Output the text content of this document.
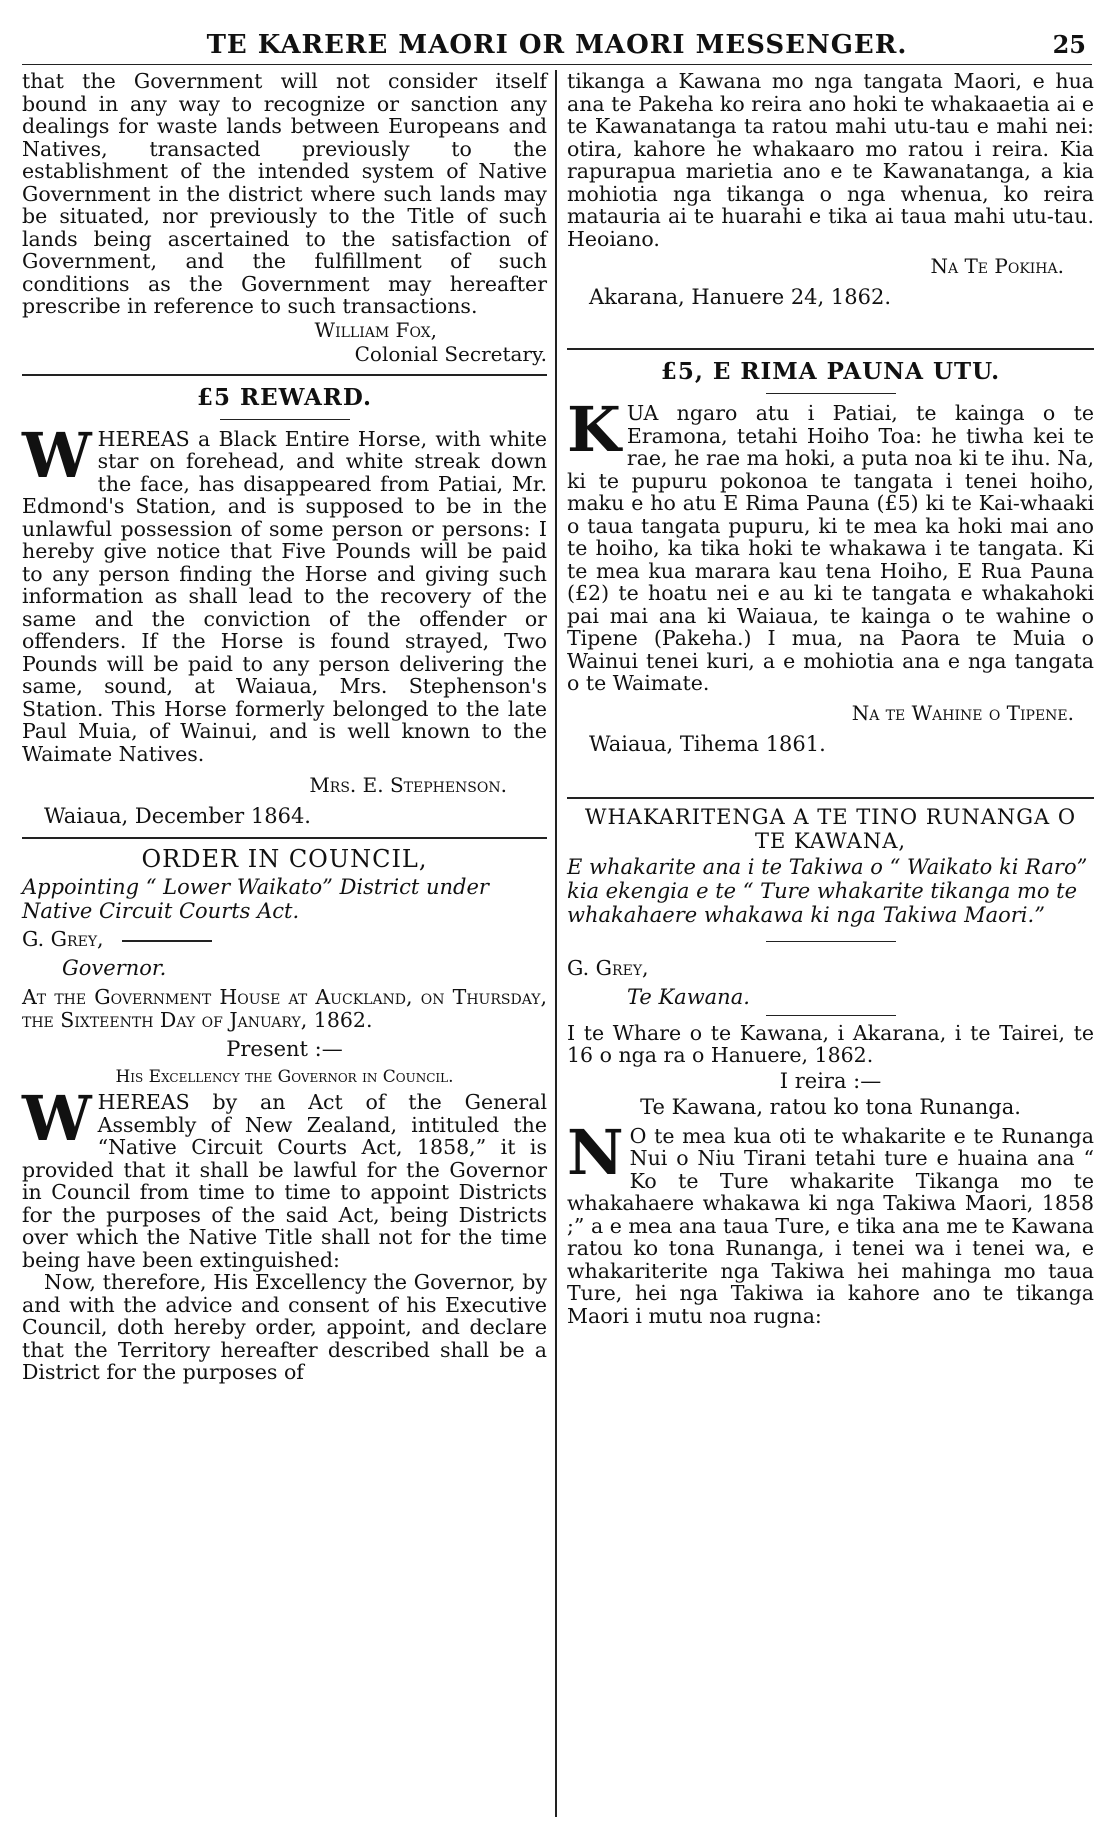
TE KARERE MAORI OR MAORI MESSENGER.	25

that the Government will not consider itself bound in any way to recognize or sanction any dealings for waste lands between Europeans and Natives, transacted previously to the establishment of the intended system of Native Government in the district where such lands may be situated, nor previously to the Title of such lands being ascertained to the satisfaction of Government, and the fulfillment of such conditions as the Government may hereafter prescribe in reference to such transactions.

William Fox,

Colonial Secretary.

£5 REWARD.
W HEREAS a Black Entire Horse, with white star on forehead, and white streak down the face, has disappeared from Patiai, Mr. Edmond's Station, and is supposed to be in the unlawful possession of some person or persons: I hereby give notice that Five Pounds will be paid to any person finding the Horse and giving such information as shall lead to the recovery of the same and the conviction of the offender or offenders. If the Horse is found strayed, Two Pounds will be paid to any person delivering the same, sound, at Waiaua, Mrs. Stephenson's Station. This Horse formerly belonged to the late Paul Muia, of Wainui, and is well known to the Waimate Natives.

Mrs. E. Stephenson.

Waiaua, December 1864.

ORDER IN COUNCIL,

Appointing “ Lower Waikato” District under Native Circuit Courts Act.

G. Grey,

Governor.

At the Government House at Auckland, on Thursday, the Sixteenth Day of January, 1862.

Present :—
His Excellency the Governor in Council.
W HEREAS by an Act of the General Assembly of New Zealand, intituled the “Native Circuit Courts Act, 1858,” it is provided that it shall be lawful for the Governor in Council from time to time to appoint Districts for the purposes of the said Act, being Districts over which the Native Title shall not for the time being have been extinguished:

Now, therefore, His Excellency the Governor, by and with the advice and consent of his Executive Council, doth hereby order, appoint, and declare that the Territory hereafter described shall be a District for the purposes of

tikanga a Kawana mo nga tangata Maori, e hua ana te Pakeha ko reira ano hoki te whakaaetia ai e te Kawanatanga ta ratou mahi utu-tau e mahi nei: otira, kahore he whakaaro mo ratou i reira. Kia rapurapua marietia ano e te Kawanatanga, a kia mohiotia nga tikanga o nga whenua, ko reira matauria ai te huarahi e tika ai taua mahi utu-tau. Heoiano.

Na Te Pokiha.

Akarana, Hanuere 24, 1862.

£5, E RIMA PAUNA UTU.
K UA ngaro atu i Patiai, te kainga o te Eramona, tetahi Hoiho Toa: he tiwha kei te rae, he rae ma hoki, a puta noa ki te ihu. Na, ki te pupuru pokonoa te tangata i tenei hoiho, maku e ho atu E Rima Pauna (£5) ki te Kai-whaaki o taua tangata pupuru, ki te mea ka hoki mai ano te hoiho, ka tika hoki te whakawa i te tangata. Ki te mea kua marara kau tena Hoiho, E Rua Pauna (£2) te hoatu nei e au ki te tangata e whakahoki pai mai ana ki Waiaua, te kainga o te wahine o Tipene (Pakeha.) I mua, na Paora te Muia o Wainui tenei kuri, a e mohiotia ana e nga tangata o te Waimate.

Na te Wahine o Tipene.

Waiaua, Tihema 1861.

WHAKARITENGA A TE TINO RUNANGA O TE KAWANA,

E whakarite ana i te Takiwa o “ Waikato ki Raro” kia ekengia e te “ Ture whakarite tikanga mo te whakahaere whakawa ki nga Takiwa Maori.”

G. Grey,

Te Kawana.

I te Whare o te Kawana, i Akarana, i te Tairei, te 16 o nga ra o Hanuere, 1862.

I reira :—
Te Kawana, ratou ko tona Runanga.
N O te mea kua oti te whakarite e te Runanga Nui o Niu Tirani tetahi ture e huaina ana “ Ko te Ture whakarite Tikanga mo te whakahaere whakawa ki nga Takiwa Maori, 1858 ;” a e mea ana taua Ture, e tika ana me te Kawana ratou ko tona Runanga, i tenei wa i tenei wa, e whakariterite nga Takiwa hei mahinga mo taua Ture, hei nga Takiwa ia kahore ano te tikanga Maori i mutu noa rugna:
